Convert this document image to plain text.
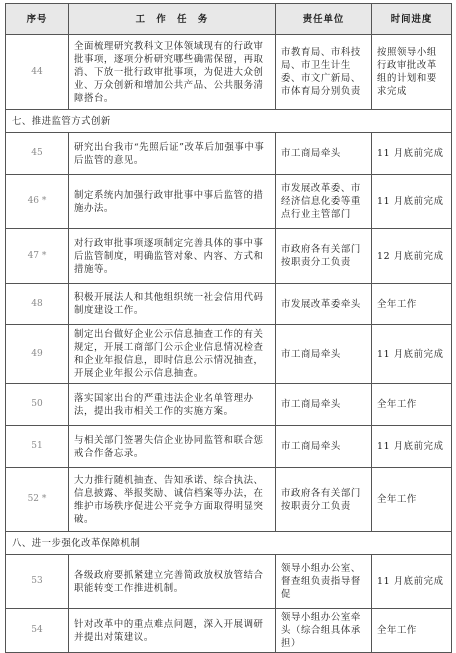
序号	工　作　任　务	责任单位	时间进度
44	全面梳理研究教科文卫体领域现有的行政审批事项，逐项分析研究哪些确需保留，再取消、下放一批行政审批事项，为促进大众创业、万众创新和增加公共产品、公共服务清障搭台。	市教育局、市科技局、市卫生计生委、市文广新局、市体育局分别负责	按照领导小组行政审批改革组的计划和要求完成
七、推进监管方式创新			
45	研究出台我市“先照后证”改革后加强事中事后监管的意见。	市工商局牵头	11 月底前完成
46 *	制定系统内加强行政审批事中事后监管的措施办法。	市发展改革委、市经济信息化委等重点行业主管部门	11 月底前完成
47 *	对行政审批事项逐项制定完善具体的事中事后监管制度，明确监管对象、内容、方式和措施等。	市政府各有关部门按职责分工负责	12 月底前完成
48	积极开展法人和其他组织统一社会信用代码制度建设工作。	市发展改革委牵头	全年工作
49	制定出台做好企业公示信息抽查工作的有关规定，开展工商部门公示企业信息情况检查和企业年报信息，即时信息公示情况抽查，开展企业年报公示信息抽查。	市工商局牵头	11 月底前完成
50	落实国家出台的严重违法企业名单管理办法，提出我市相关工作的实施方案。	市工商局牵头	全年工作
51	与相关部门签署失信企业协同监管和联合惩戒合作备忘录。	市工商局牵头	11 月底前完成
52 *	大力推行随机抽查、告知承诺、综合执法、信息披露、举报奖励、诚信档案等办法，在维护市场秩序促进公平竞争方面取得明显突破。	市政府各有关部门按职责分工负责	全年工作
八、进一步强化改革保障机制			
53	各级政府要抓紧建立完善简政放权放管结合职能转变工作推进机制。	领导小组办公室、督查组负责指导督促	11 月底前完成
54	针对改革中的重点难点问题，深入开展调研并提出对策建议。	领导小组办公室牵头（综合组具体承担）	全年工作
